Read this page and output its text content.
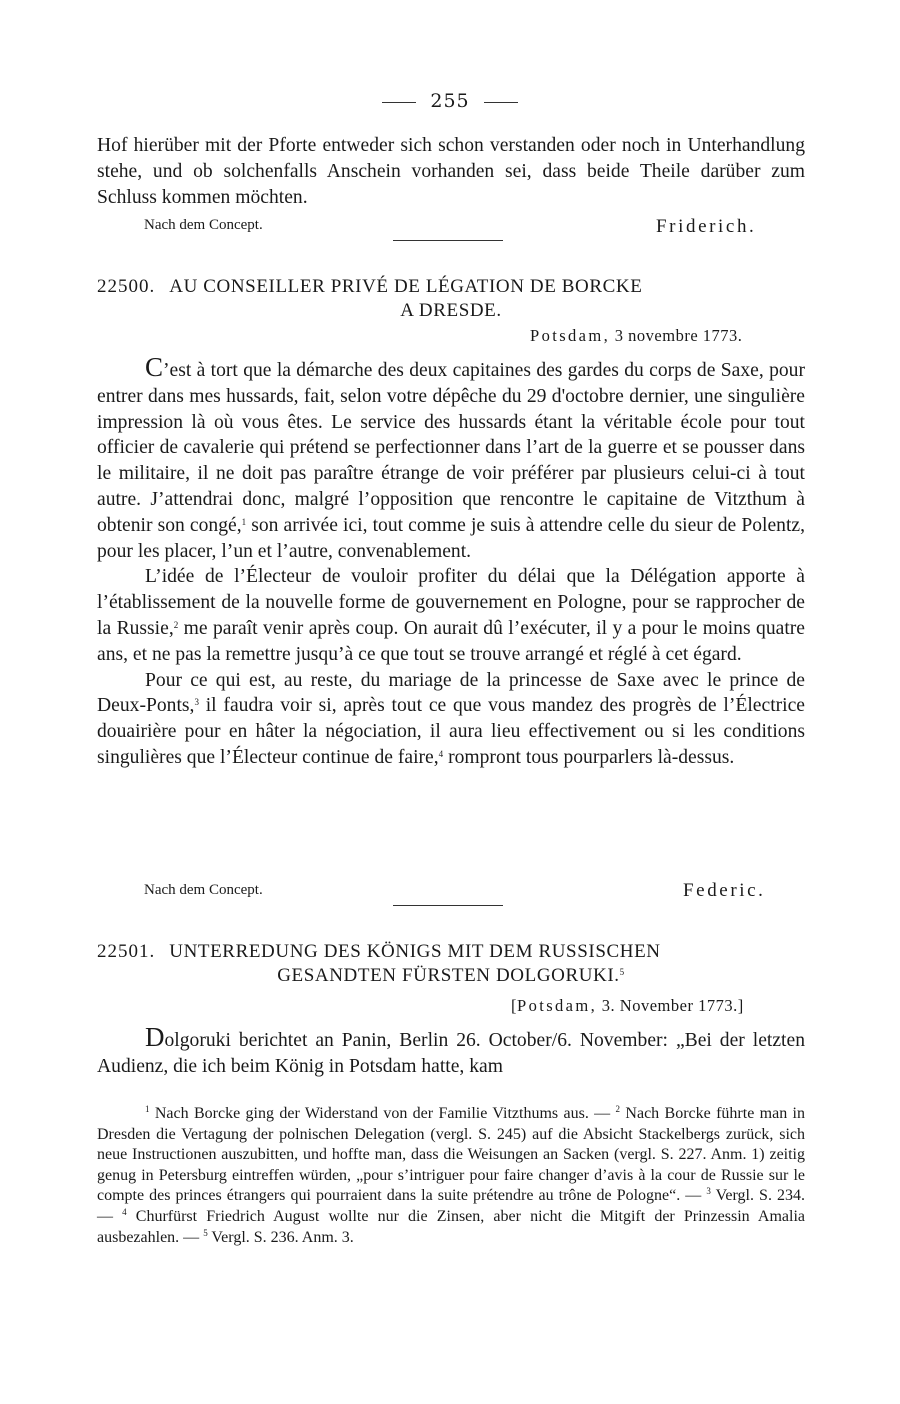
255

Hof hierüber mit der Pforte entweder sich schon verstanden oder noch in Unterhandlung stehe, und ob solchenfalls Anschein vorhanden sei, dass beide Theile darüber zum Schluss kommen möchten.

Nach dem Concept.	Friderich.
22500. AU CONSEILLER PRIVÉ DE LÉGATION DE BORCKE
A DRESDE.
Potsdam, 3 novembre 1773.

C’est à tort que la démarche des deux capitaines des gardes du corps de Saxe, pour entrer dans mes hussards, fait, selon votre dépêche du 29 d'octobre dernier, une singulière impression là où vous êtes. Le service des hussards étant la véritable école pour tout officier de cavalerie qui prétend se perfectionner dans l’art de la guerre et se pousser dans le militaire, il ne doit pas paraître étrange de voir préférer par plusieurs celui-ci à tout autre. J’attendrai donc, malgré l’opposition que rencontre le capitaine de Vitzthum à obtenir son congé,$^1$ son arrivée ici, tout comme je suis à attendre celle du sieur de Polentz, pour les placer, l’un et l’autre, convenablement.

L’idée de l’Électeur de vouloir profiter du délai que la Délégation apporte à l’établissement de la nouvelle forme de gouvernement en Pologne, pour se rapprocher de la Russie,$^2$ me paraît venir après coup. On aurait dû l’exécuter, il y a pour le moins quatre ans, et ne pas la remettre jusqu’à ce que tout se trouve arrangé et réglé à cet égard.

Pour ce qui est, au reste, du mariage de la princesse de Saxe avec le prince de Deux-Ponts,$^3$ il faudra voir si, après tout ce que vous mandez des progrès de l’Électrice douairière pour en hâter la négociation, il aura lieu effectivement ou si les conditions singulières que l’Électeur continue de faire,$^4$ rompront tous pourparlers là-dessus.

Nach dem Concept.	Federic.
22501. UNTERREDUNG DES KÖNIGS MIT DEM RUSSISCHEN
GESANDTEN FÜRSTEN DOLGORUKI.$^5$
[Potsdam, 3. November 1773.]

Dolgoruki berichtet an Panin, Berlin 26. October/6. November: „Bei der letzten Audienz, die ich beim König in Potsdam hatte, kam

$^1$ Nach Borcke ging der Widerstand von der Familie Vitzthums aus. — $^2$ Nach Borcke führte man in Dresden die Vertagung der polnischen Delegation (vergl. S. 245) auf die Absicht Stackelbergs zurück, sich neue Instructionen auszubitten, und hoffte man, dass die Weisungen an Sacken (vergl. S. 227. Anm. 1) zeitig genug in Petersburg eintreffen würden, „pour s’intriguer pour faire changer d’avis à la cour de Russie sur le compte des princes étrangers qui pourraient dans la suite prétendre au trône de Pologne“. — $^3$ Vergl. S. 234. — $^4$ Churfürst Friedrich August wollte nur die Zinsen, aber nicht die Mitgift der Prinzessin Amalia ausbezahlen. — $^5$ Vergl. S. 236. Anm. 3.
